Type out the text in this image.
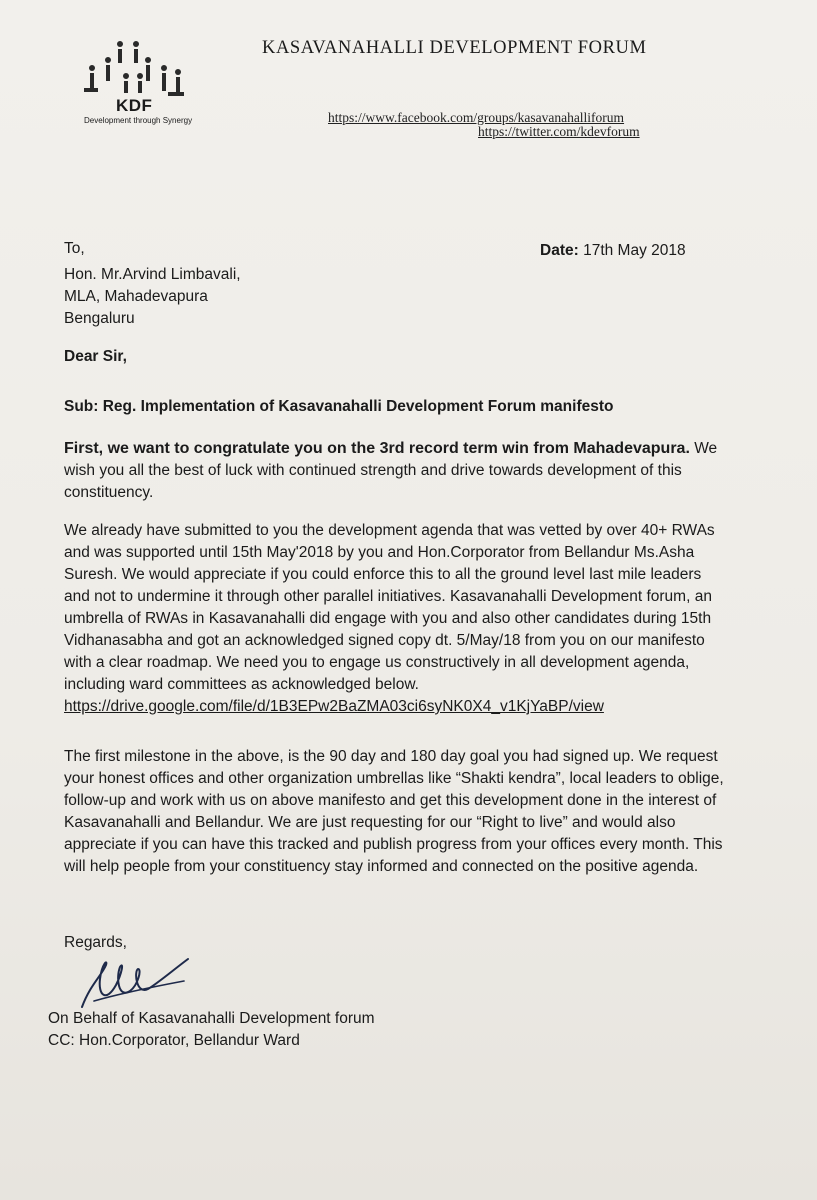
KDF
Development through Synergy
KASAVANAHALLI DEVELOPMENT FORUM
https://www.facebook.com/groups/kasavanahalliforum
https://twitter.com/kdevforum
To,
Hon. Mr.Arvind Limbavali,
MLA, Mahadevapura
Bengaluru
Date: 17th May 2018
Dear Sir,
Sub: Reg. Implementation of Kasavanahalli Development Forum manifesto
First, we want to congratulate you on the 3rd record term win from Mahadevapura. We
wish you all the best of luck with continued strength and drive towards development of this
constituency.
We already have submitted to you the development agenda that was vetted by over 40+ RWAs
and was supported until 15th May'2018 by you and Hon.Corporator from Bellandur Ms.Asha
Suresh. We would appreciate if you could enforce this to all the ground level last mile leaders
and not to undermine it through other parallel initiatives. Kasavanahalli Development forum, an
umbrella of RWAs in Kasavanahalli did engage with you and also other candidates during 15th
Vidhanasabha and got an acknowledged signed copy dt. 5/May/18 from you on our manifesto
with a clear roadmap. We need you to engage us constructively in all development agenda,
including ward committees as acknowledged below.
https://drive.google.com/file/d/1B3EPw2BaZMA03ci6syNK0X4_v1KjYaBP/view
The first milestone in the above, is the 90 day and 180 day goal you had signed up. We request
your honest offices and other organization umbrellas like “Shakti kendra”, local leaders to oblige,
follow-up and work with us on above manifesto and get this development done in the interest of
Kasavanahalli and Bellandur. We are just requesting for our “Right to live” and would also
appreciate if you can have this tracked and publish progress from your offices every month. This
will help people from your constituency stay informed and connected on the positive agenda.
Regards,
On Behalf of Kasavanahalli Development forum
CC: Hon.Corporator, Bellandur Ward
